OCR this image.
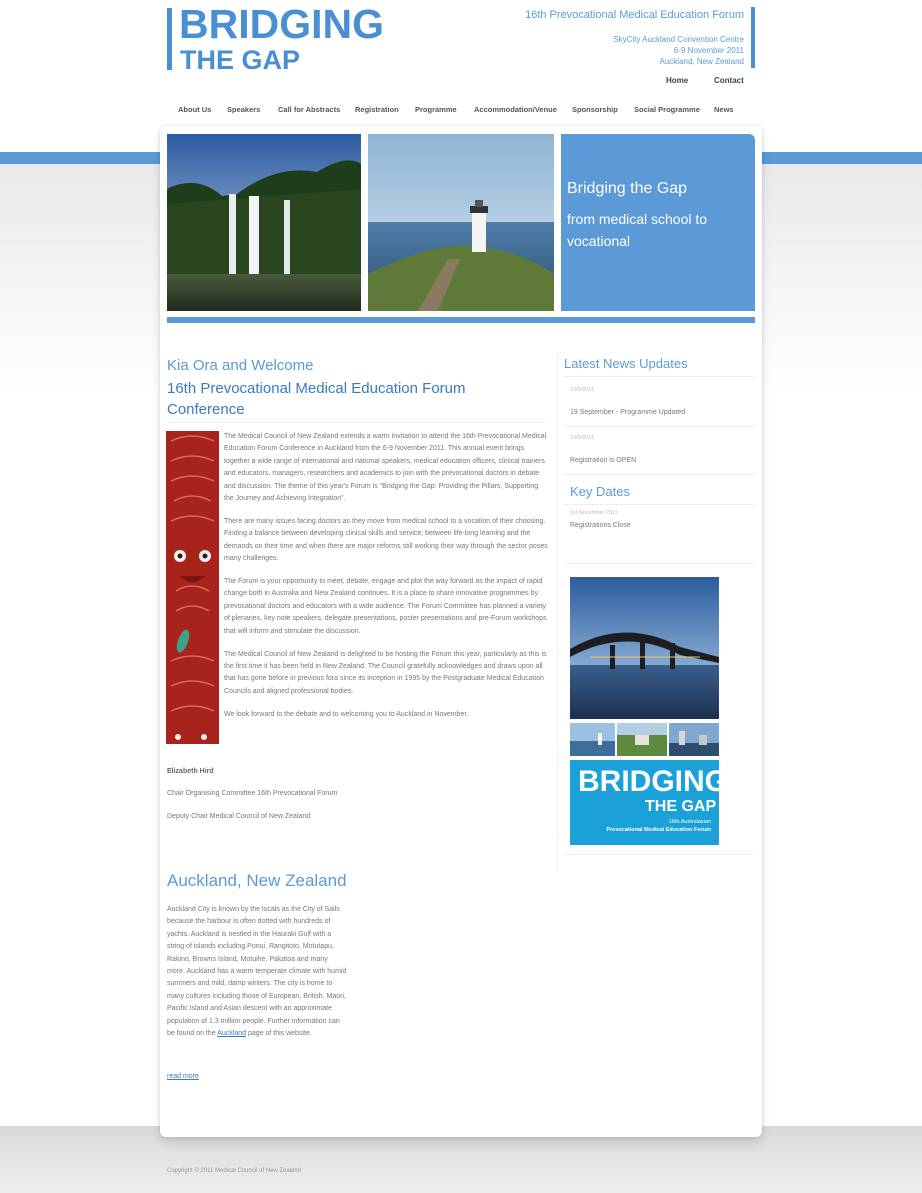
BRIDGING
THE GAP
16th Prevocational Medical Education Forum
SkyCity Auckland Convention Centre
6-9 November 2011
Auckland, New Zealand
Home	Contact
About Us Speakers Call for Abstracts Registration Programme Accommodation/Venue Sponsorship Social Programme News
Bridging the Gap
from medical school to vocational
Kia Ora and Welcome
16th Prevocational Medical Education Forum Conference

The Medical Council of New Zealand extends a warm invitation to attend the 16th Prevocational Medical Education Forum Conference in Auckland from the 6-9 November 2011. This annual event brings together a wide range of international and national speakers, medical education officers, clinical trainers and educators, managers, researchers and academics to join with the prevocational doctors in debate and discussion. The theme of this year's Forum is "Bridging the Gap: Providing the Pillars, Supporting the Journey and Achieving Integration".

There are many issues facing doctors as they move from medical school to a vocation of their choosing. Finding a balance between developing clinical skills and service, between life-long learning and the demands on their time and when there are major reforms still working their way through the sector poses many challenges.

The Forum is your opportunity to meet, debate, engage and plot the way forward as the impact of rapid change both in Australia and New Zealand continues. It is a place to share innovative programmes by prevocational doctors and educators with a wide audience. The Forum Committee has planned a variety of plenaries, key note speakers, delegate presentations, poster presentations and pre-Forum workshops that will inform and stimulate the discussion.

The Medical Council of New Zealand is delighted to be hosting the Forum this year, particularly as this is the first time it has been held in New Zealand. The Council gratefully acknowledges and draws upon all that has gone before in previous fora since its inception in 1995 by the Postgraduate Medical Education Councils and aligned professional bodies.

We look forward to the debate and to welcoming you to Auckland in November.

Elizabeth Hird
Chair Organising Committee 16th Prevocational Forum
Deputy Chair Medical Council of New Zealand
Latest News Updates
23/9/2011
19 September - Programme Updated
19/9/2011
Registration is OPEN
Key Dates
1st November 2011
Registrations Close
BRIDGING
THE GAP
16th Australasian
Prevocational Medical Education Forum
Auckland, New Zealand
Auckland City is known by the locals as the City of Sails because the harbour is often dotted with hundreds of yachts. Auckland is nestled in the Hauraki Gulf with a string of islands including Ponui, Rangitoto, Motutapu, Rakino, Browns Island, Motuihe, Pakatoa and many more. Auckland has a warm temperate climate with humid summers and mild, damp winters. The city is home to many cultures including those of European, British, Maori, Pacific Island and Asian descent with an approximate population of 1.3 million people. Further information can be found on the Auckland page of this website.
read more
Copyright © 2011 Medical Council of New Zealand
